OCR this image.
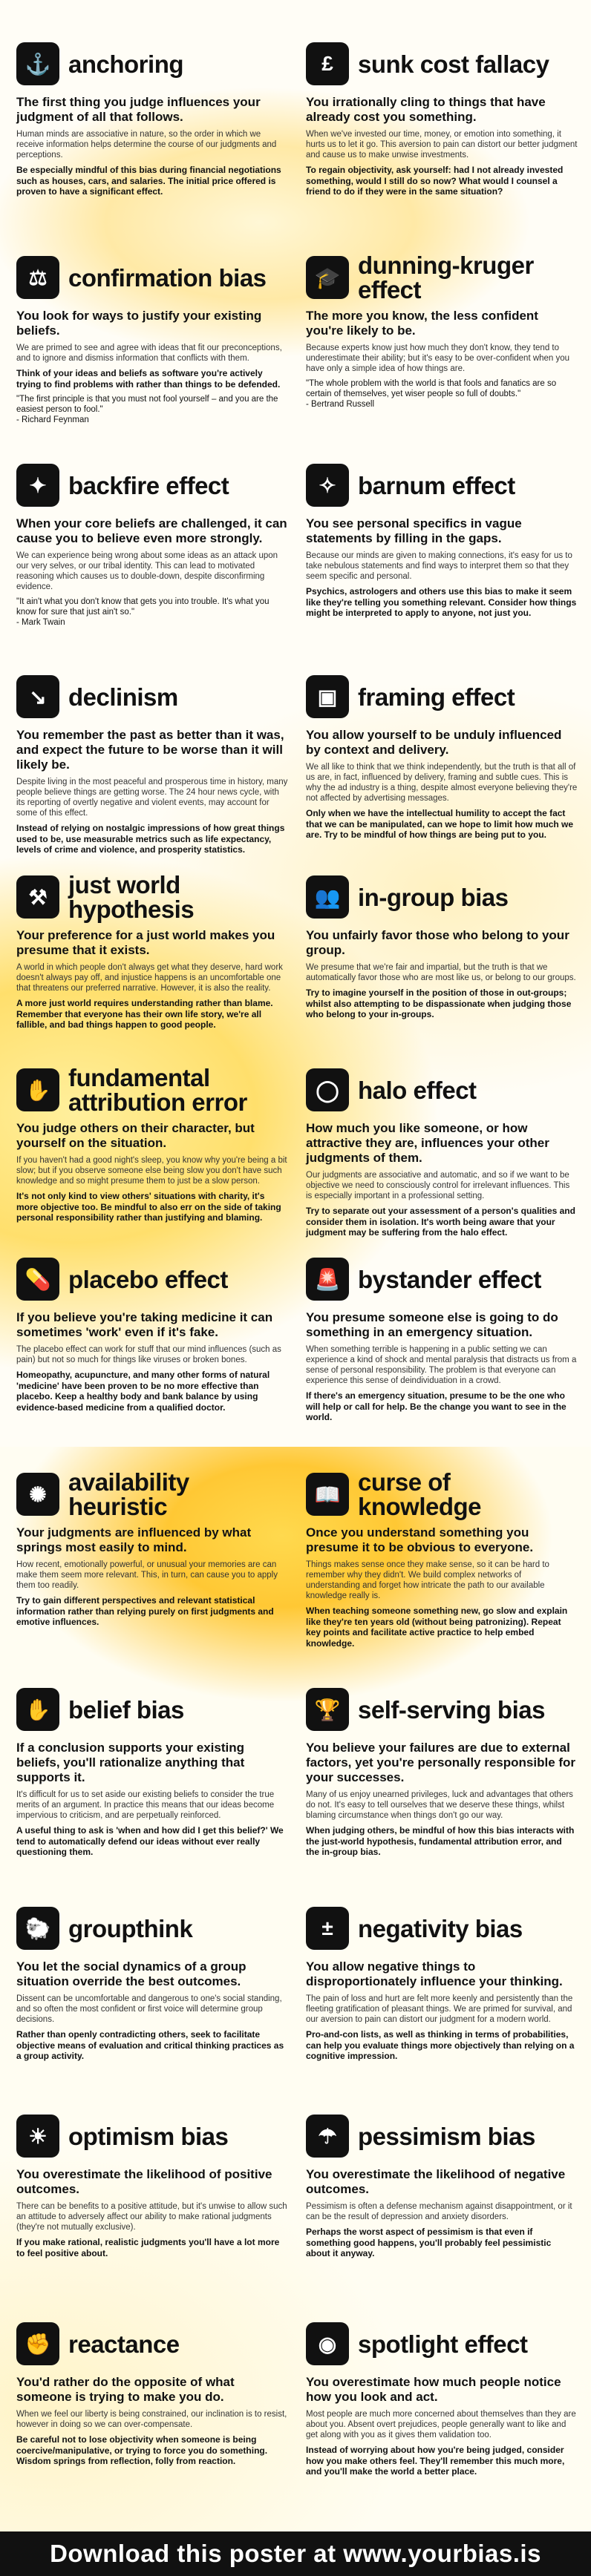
⚓ anchoring
The first thing you judge influences your judgment of all that follows.
Human minds are associative in nature, so the order in which we receive information helps determine the course of our judgments and perceptions.
Be especially mindful of this bias during financial negotiations such as houses, cars, and salaries. The initial price offered is proven to have a significant effect.
£	sunk cost fallacy
You irrationally cling to things that have already cost you something.
When we've invested our time, money, or emotion into something, it hurts us to let it go. This aversion to pain can distort our better judgment and cause us to make unwise investments.
To regain objectivity, ask yourself: had I not already invested something, would I still do so now? What would I counsel a friend to do if they were in the same situation?
⚖ confirmation bias
You look for ways to justify your existing beliefs.
We are primed to see and agree with ideas that fit our preconceptions, and to ignore and dismiss information that conflicts with them.
Think of your ideas and beliefs as software you're actively trying to find problems with rather than things to be defended.
"The first principle is that you must not fool yourself – and you are the easiest person to fool."
- Richard Feynman
🎓 dunning-kruger effect
The more you know, the less confident you're likely to be.
Because experts know just how much they don't know, they tend to underestimate their ability; but it's easy to be over-confident when you have only a simple idea of how things are.
"The whole problem with the world is that fools and fanatics are so certain of themselves, yet wiser people so full of doubts."
- Bertrand Russell
✦ backfire effect
When your core beliefs are challenged, it can cause you to believe even more strongly.
We can experience being wrong about some ideas as an attack upon our very selves, or our tribal identity. This can lead to motivated reasoning which causes us to double-down, despite disconfirming evidence.
"It ain't what you don't know that gets you into trouble. It's what you know for sure that just ain't so."
- Mark Twain
✧ barnum effect
You see personal specifics in vague statements by filling in the gaps.
Because our minds are given to making connections, it's easy for us to take nebulous statements and find ways to interpret them so that they seem specific and personal.
Psychics, astrologers and others use this bias to make it seem like they're telling you something relevant. Consider how things might be interpreted to apply to anyone, not just you.
↘ declinism
You remember the past as better than it was, and expect the future to be worse than it will likely be.
Despite living in the most peaceful and prosperous time in history, many people believe things are getting worse. The 24 hour news cycle, with its reporting of overtly negative and violent events, may account for some of this effect.
Instead of relying on nostalgic impressions of how great things used to be, use measurable metrics such as life expectancy, levels of crime and violence, and prosperity statistics.
▣ framing effect
You allow yourself to be unduly influenced by context and delivery.
We all like to think that we think independently, but the truth is that all of us are, in fact, influenced by delivery, framing and subtle cues. This is why the ad industry is a thing, despite almost everyone believing they're not affected by advertising messages.
Only when we have the intellectual humility to accept the fact that we can be manipulated, can we hope to limit how much we are. Try to be mindful of how things are being put to you.
⚒ just world hypothesis
Your preference for a just world makes you presume that it exists.
A world in which people don't always get what they deserve, hard work doesn't always pay off, and injustice happens is an uncomfortable one that threatens our preferred narrative. However, it is also the reality.
A more just world requires understanding rather than blame. Remember that everyone has their own life story, we're all fallible, and bad things happen to good people.
👥 in-group bias
You unfairly favor those who belong to your group.
We presume that we're fair and impartial, but the truth is that we automatically favor those who are most like us, or belong to our groups.
Try to imagine yourself in the position of those in out-groups; whilst also attempting to be dispassionate when judging those who belong to your in-groups.
✋ fundamental attribution error
You judge others on their character, but yourself on the situation.
If you haven't had a good night's sleep, you know why you're being a bit slow; but if you observe someone else being slow you don't have such knowledge and so might presume them to just be a slow person.
It's not only kind to view others' situations with charity, it's more objective too. Be mindful to also err on the side of taking personal responsibility rather than justifying and blaming.
◯ halo effect
How much you like someone, or how attractive they are, influences your other judgments of them.
Our judgments are associative and automatic, and so if we want to be objective we need to consciously control for irrelevant influences. This is especially important in a professional setting.
Try to separate out your assessment of a person's qualities and consider them in isolation. It's worth being aware that your judgment may be suffering from the halo effect.
💊 placebo effect
If you believe you're taking medicine it can sometimes 'work' even if it's fake.
The placebo effect can work for stuff that our mind influences (such as pain) but not so much for things like viruses or broken bones.
Homeopathy, acupuncture, and many other forms of natural 'medicine' have been proven to be no more effective than placebo. Keep a healthy body and bank balance by using evidence-based medicine from a qualified doctor.
🚨 bystander effect
You presume someone else is going to do something in an emergency situation.
When something terrible is happening in a public setting we can experience a kind of shock and mental paralysis that distracts us from a sense of personal responsibility. The problem is that everyone can experience this sense of deindividuation in a crowd.
If there's an emergency situation, presume to be the one who will help or call for help. Be the change you want to see in the world.
✺ availability heuristic
Your judgments are influenced by what springs most easily to mind.
How recent, emotionally powerful, or unusual your memories are can make them seem more relevant. This, in turn, can cause you to apply them too readily.
Try to gain different perspectives and relevant statistical information rather than relying purely on first judgments and emotive influences.
📖 curse of knowledge
Once you understand something you presume it to be obvious to everyone.
Things makes sense once they make sense, so it can be hard to remember why they didn't. We build complex networks of understanding and forget how intricate the path to our available knowledge really is.
When teaching someone something new, go slow and explain like they're ten years old (without being patronizing). Repeat key points and facilitate active practice to help embed knowledge.
✋ belief bias
If a conclusion supports your existing beliefs, you'll rationalize anything that supports it.
It's difficult for us to set aside our existing beliefs to consider the true merits of an argument. In practice this means that our ideas become impervious to criticism, and are perpetually reinforced.
A useful thing to ask is 'when and how did I get this belief?' We tend to automatically defend our ideas without ever really questioning them.
🏆 self-serving bias
You believe your failures are due to external factors, yet you're personally responsible for your successes.
Many of us enjoy unearned privileges, luck and advantages that others do not. It's easy to tell ourselves that we deserve these things, whilst blaming circumstance when things don't go our way.
When judging others, be mindful of how this bias interacts with the just-world hypothesis, fundamental attribution error, and the in-group bias.
🐑 groupthink
You let the social dynamics of a group situation override the best outcomes.
Dissent can be uncomfortable and dangerous to one's social standing, and so often the most confident or first voice will determine group decisions.
Rather than openly contradicting others, seek to facilitate objective means of evaluation and critical thinking practices as a group activity.
±	negativity bias
You allow negative things to disproportionately influence your thinking.
The pain of loss and hurt are felt more keenly and persistently than the fleeting gratification of pleasant things. We are primed for survival, and our aversion to pain can distort our judgment for a modern world.
Pro-and-con lists, as well as thinking in terms of probabilities, can help you evaluate things more objectively than relying on a cognitive impression.
☀ optimism bias
You overestimate the likelihood of positive outcomes.
There can be benefits to a positive attitude, but it's unwise to allow such an attitude to adversely affect our ability to make rational judgments (they're not mutually exclusive).
If you make rational, realistic judgments you'll have a lot more to feel positive about.
☂ pessimism bias
You overestimate the likelihood of negative outcomes.
Pessimism is often a defense mechanism against disappointment, or it can be the result of depression and anxiety disorders.
Perhaps the worst aspect of pessimism is that even if something good happens, you'll probably feel pessimistic about it anyway.
✊ reactance
You'd rather do the opposite of what someone is trying to make you do.
When we feel our liberty is being constrained, our inclination is to resist, however in doing so we can over-compensate.
Be careful not to lose objectivity when someone is being coercive/manipulative, or trying to force you do something. Wisdom springs from reflection, folly from reaction.
◉ spotlight effect
You overestimate how much people notice how you look and act.
Most people are much more concerned about themselves than they are about you. Absent overt prejudices, people generally want to like and get along with you as it gives them validation too.
Instead of worrying about how you're being judged, consider how you make others feel. They'll remember this much more, and you'll make the world a better place.
Download this poster at www.yourbias.is
